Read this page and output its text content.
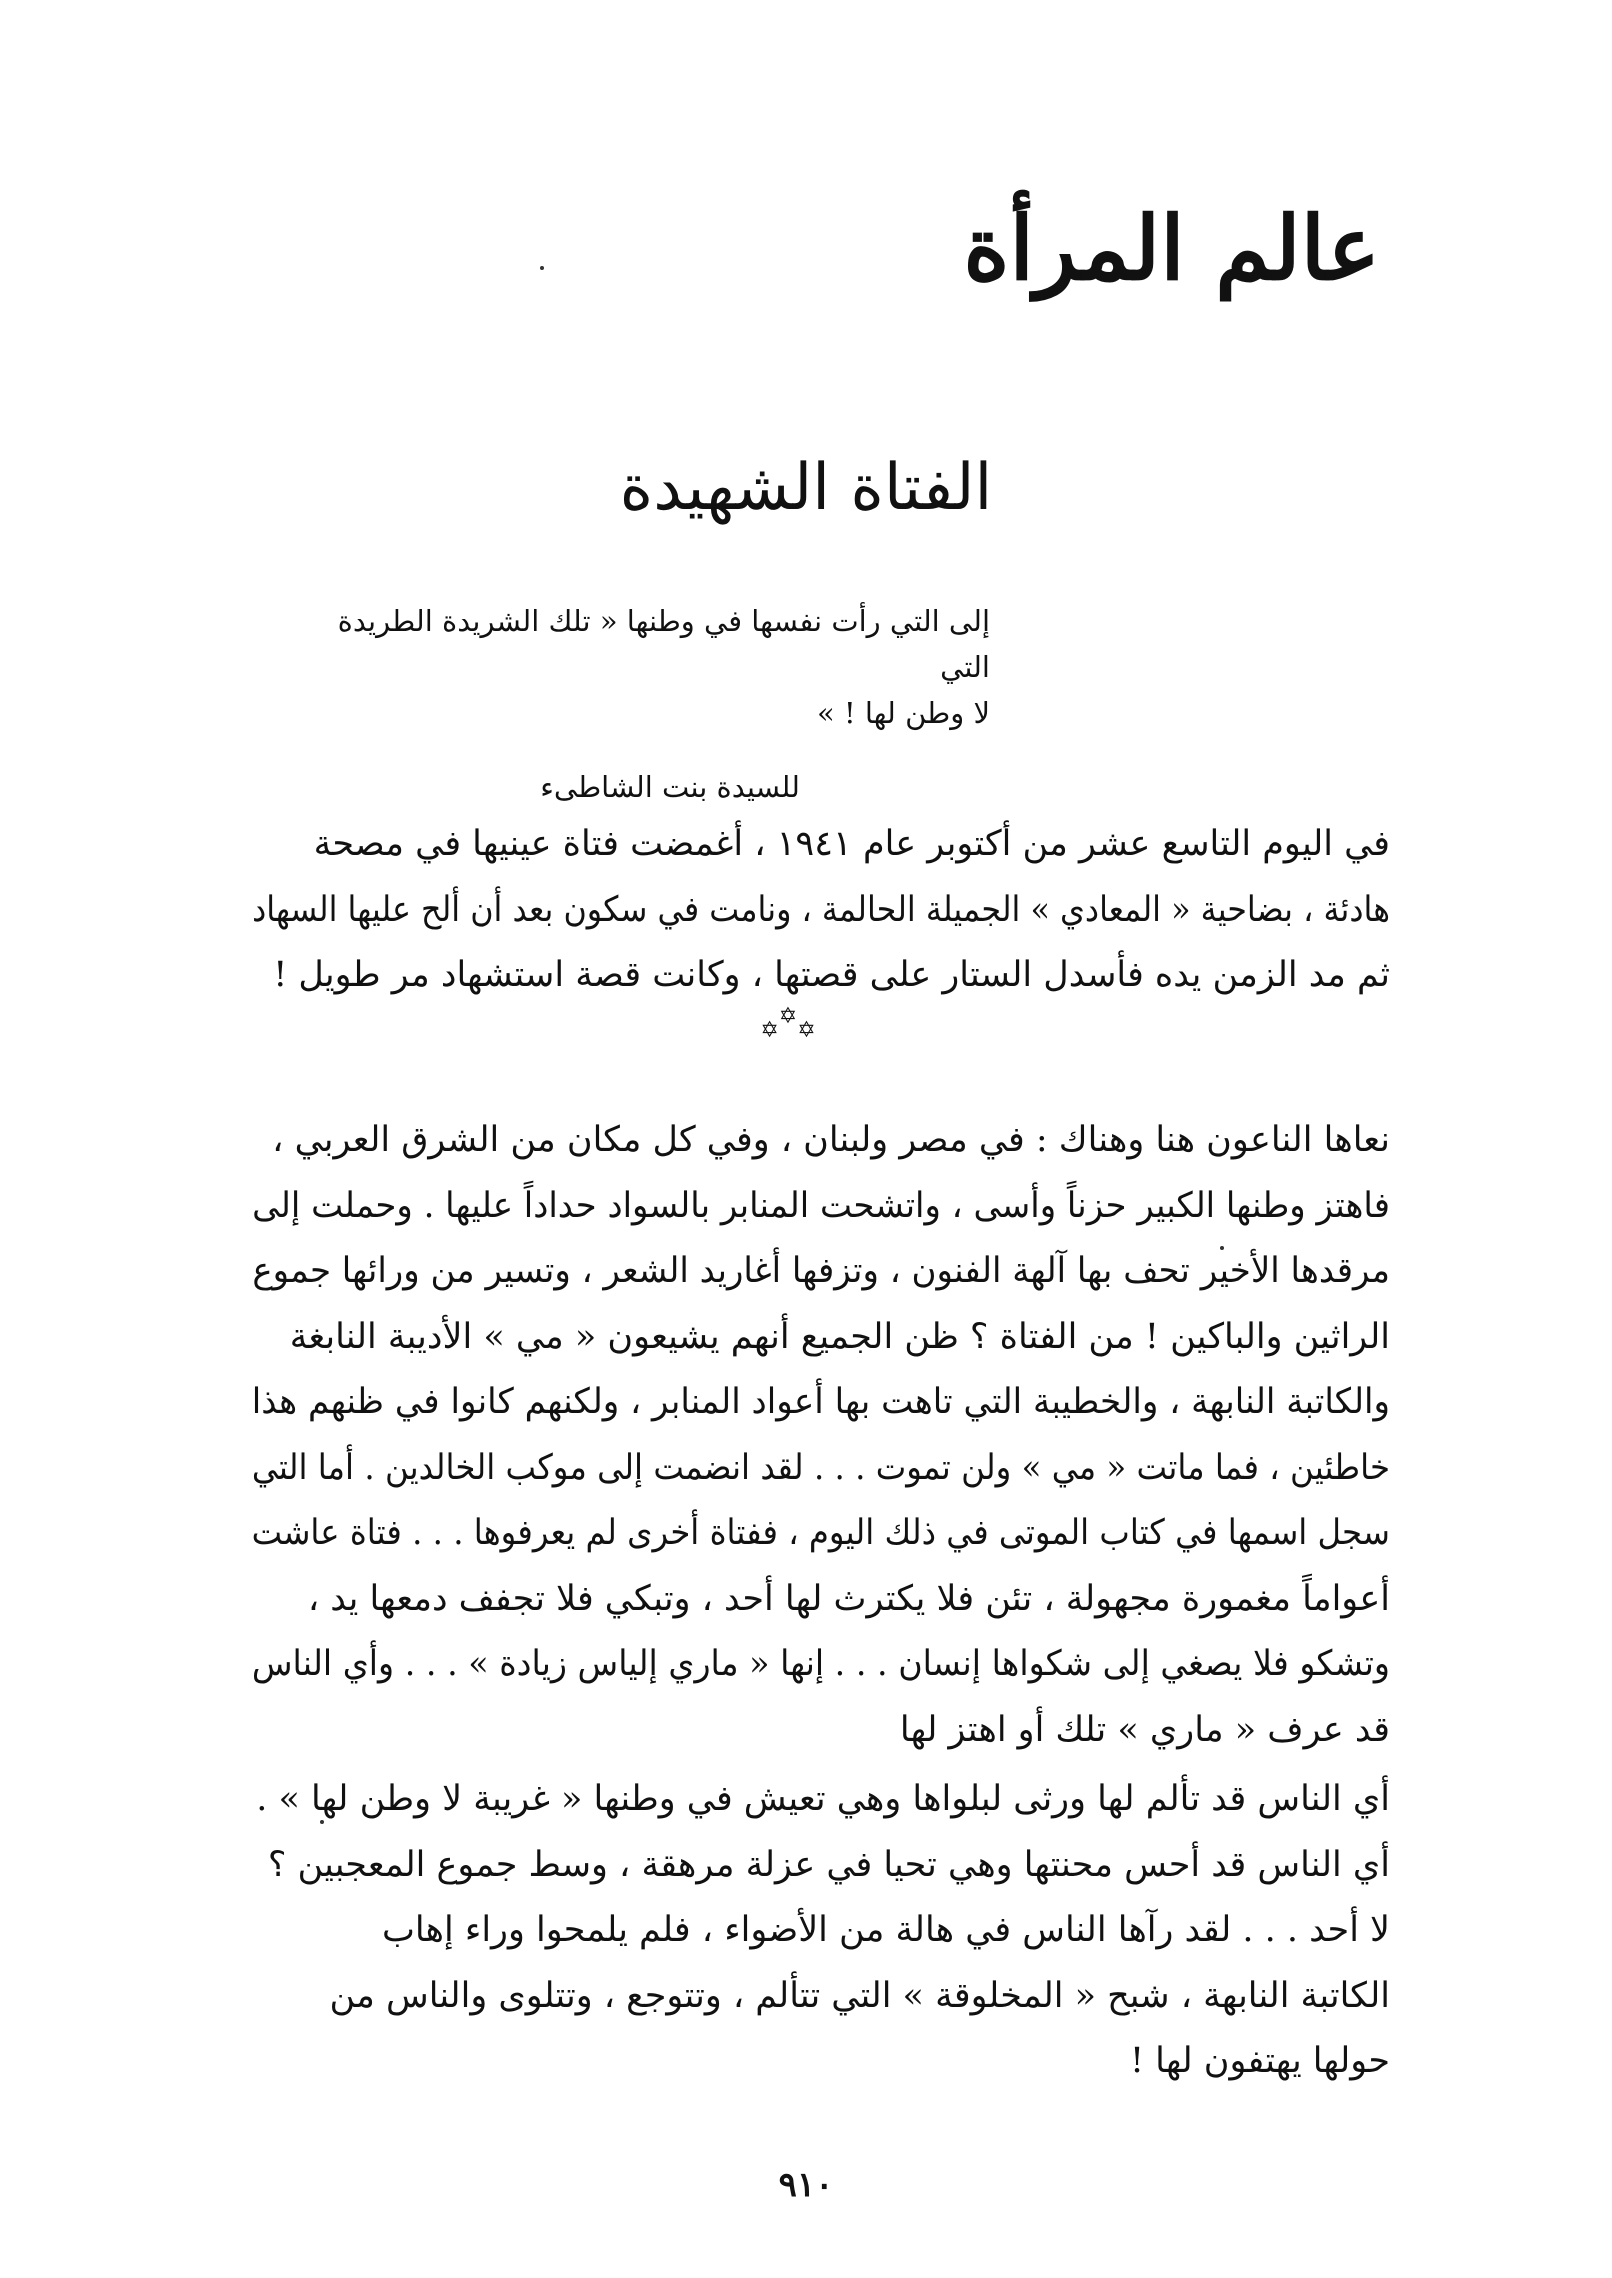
عالم المرأة
الفتاة الشهيدة
إلى التي رأت نفسها في وطنها « تلك الشريدة الطريدة التي
لا وطن لها ! »
للسيدة بنت الشاطىء
في اليوم التاسع عشر من أكتوبر عام ١٩٤١ ، أغمضت فتاة عينيها في مصحة
هادئة ، بضاحية « المعادي » الجميلة الحالمة ، ونامت في سكون بعد أن ألح عليها السهاد
ثم مد الزمن يده فأسدل الستار على قصتها ، وكانت قصة استشهاد مر طويل !
✡✡✡
نعاها الناعون هنا وهناك : في مصر ولبنان ، وفي كل مكان من الشرق العربي ،
فاهتز وطنها الكبير حزناً وأسى ، واتشحت المنابر بالسواد حداداً عليها . وحملت إلى
مرقدها الأخير تحف بها آلهة الفنون ، وتزفها أغاريد الشعر ، وتسير من ورائها جموع
الراثين والباكين ! من الفتاة ؟ ظن الجميع أنهم يشيعون « مي » الأديبة النابغة
والكاتبة النابهة ، والخطيبة التي تاهت بها أعواد المنابر ، ولكنهم كانوا في ظنهم هذا
خاطئين ، فما ماتت « مي » ولن تموت . . . لقد انضمت إلى موكب الخالدين . أما التي
سجل اسمها في كتاب الموتى في ذلك اليوم ، ففتاة أخرى لم يعرفوها . . . فتاة عاشت
أعواماً مغمورة مجهولة ، تئن فلا يكترث لها أحد ، وتبكي فلا تجفف دمعها يد ،
وتشكو فلا يصغي إلى شكواها إنسان . . . إنها « ماري إلياس زيادة » . . . وأي الناس
قد عرف « ماري » تلك أو اهتز لها
أي الناس قد تألم لها ورثى لبلواها وهي تعيش في وطنها « غريبة لا وطن لها » .
أي الناس قد أحس محنتها وهي تحيا في عزلة مرهقة ، وسط جموع المعجبين ؟
لا أحد . . . لقد رآها الناس في هالة من الأضواء ، فلم يلمحوا وراء إهاب
الكاتبة النابهة ، شبح « المخلوقة » التي تتألم ، وتتوجع ، وتتلوى والناس من
حولها يهتفون لها !
٩١٠
